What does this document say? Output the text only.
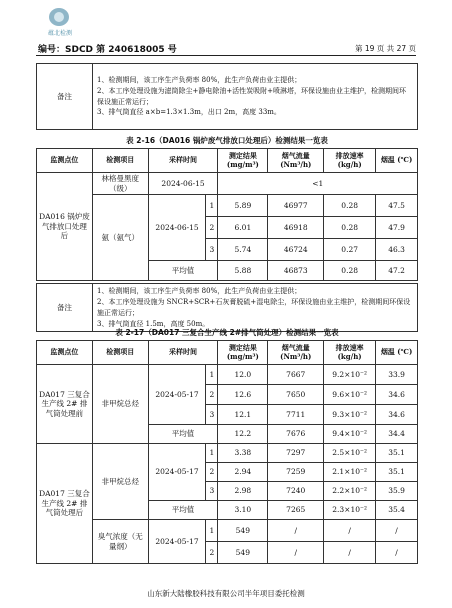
蕴北检测
编号：SDCD 第 240618005 号	第 19 页 共 27 页
备注	
1、检测期间，该工序生产负荷率 80%，此生产负荷由业主提供；
2、本工序处理设施为滤筒除尘+静电除油+活性炭吸附+喷淋塔，环保设施由业主维护，检测期间环保设施正常运行；
3、排气筒直径 a×b=1.3×1.3m，出口 2m，高度 33m。
表 2-16（DA016 锅炉废气排放口处理后）检测结果一览表
监测点位	检测项目	采样时间		测定结果 (mg/m³)	烟气流量 (Nm³/h)	排放速率 (kg/h)	烟温 (℃)
DA016 锅炉废气排放口处理后	林格曼黑度（级）	2024-06-15		<1			
	氨（氨气）	2024-06-15	1	5.89	46977	0.28	47.5
			2	6.01	46918	0.28	47.9
			3	5.74	46724	0.27	46.3
		平均值		5.88	46873	0.28	47.2
备注	
1、检测期间，该工序生产负荷率 80%，此生产负荷由业主提供；
2、本工序处理设施为 SNCR+SCR+石灰膏脱硫+湿电除尘，环保设施由业主维护，检测期间环保设施正常运行；
3、排气筒直径 1.5m，高度 50m。
表 2-17（DA017 三复合生产线 2#排气筒处理）检测结果一览表
监测点位	检测项目	采样时间		测定结果 (mg/m³)	烟气流量 (Nm³/h)	排放速率 (kg/h)	烟温 (℃)
DA017 三复合生产线 2# 排气筒处理前	非甲烷总烃	2024-05-17	1	12.0	7667	9.2×10⁻²	33.9
			2	12.6	7650	9.6×10⁻²	34.6
			3	12.1	7711	9.3×10⁻²	34.6
		平均值		12.2	7676	9.4×10⁻²	34.4
DA017 三复合生产线 2# 排气筒处理后	非甲烷总烃	2024-05-17	1	3.38	7297	2.5×10⁻²	35.1
			2	2.94	7259	2.1×10⁻²	35.1
			3	2.98	7240	2.2×10⁻²	35.9
		平均值		3.10	7265	2.3×10⁻²	35.4
	臭气浓度（无量纲）	2024-05-17	1	549	/	/	/
			2	549	/	/	/
山东新大陆橡胶科技有限公司半年项目委托检测
